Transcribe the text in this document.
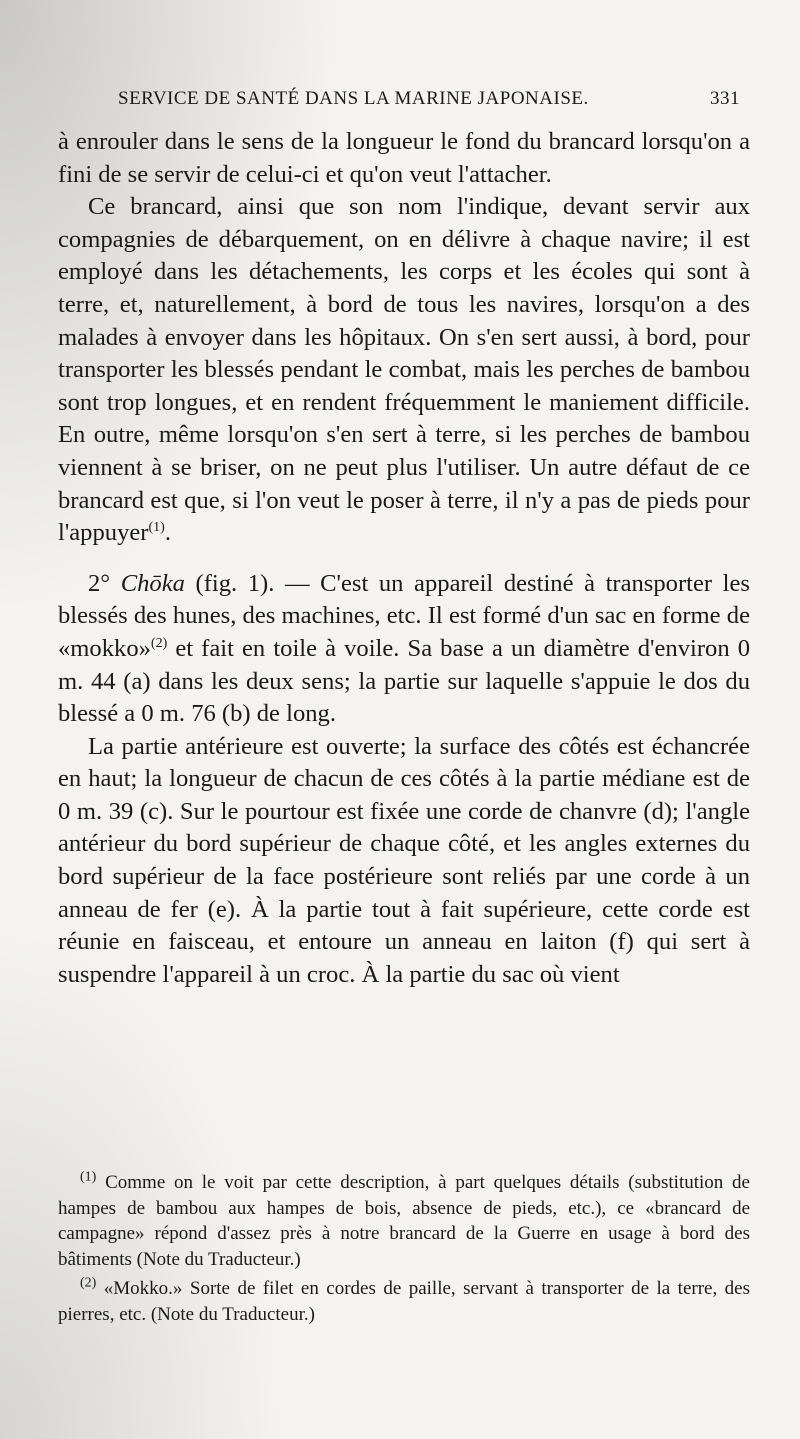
SERVICE DE SANTÉ DANS LA MARINE JAPONAISE.	331

à enrouler dans le sens de la longueur le fond du brancard lorsqu'on a fini de se servir de celui-ci et qu'on veut l'attacher.

Ce brancard, ainsi que son nom l'indique, devant servir aux compagnies de débarquement, on en délivre à chaque navire; il est employé dans les détachements, les corps et les écoles qui sont à terre, et, naturellement, à bord de tous les navires, lorsqu'on a des malades à envoyer dans les hôpitaux. On s'en sert aussi, à bord, pour transporter les blessés pendant le combat, mais les perches de bambou sont trop longues, et en rendent fréquemment le maniement difficile. En outre, même lorsqu'on s'en sert à terre, si les perches de bambou viennent à se briser, on ne peut plus l'utiliser. Un autre défaut de ce brancard est que, si l'on veut le poser à terre, il n'y a pas de pieds pour l'appuyer$^{(1)}$.

2° Chōka (fig. 1). — C'est un appareil destiné à transporter les blessés des hunes, des machines, etc. Il est formé d'un sac en forme de «mokko»$^{(2)}$ et fait en toile à voile. Sa base a un diamètre d'environ 0 m. 44 (a) dans les deux sens; la partie sur laquelle s'appuie le dos du blessé a 0 m. 76 (b) de long.

La partie antérieure est ouverte; la surface des côtés est échancrée en haut; la longueur de chacun de ces côtés à la partie médiane est de 0 m. 39 (c). Sur le pourtour est fixée une corde de chanvre (d); l'angle antérieur du bord supérieur de chaque côté, et les angles externes du bord supérieur de la face postérieure sont reliés par une corde à un anneau de fer (e). À la partie tout à fait supérieure, cette corde est réunie en faisceau, et entoure un anneau en laiton (f) qui sert à suspendre l'appareil à un croc. À la partie du sac où vient

$^{(1)}$ Comme on le voit par cette description, à part quelques détails (substitution de hampes de bambou aux hampes de bois, absence de pieds, etc.), ce «brancard de campagne» répond d'assez près à notre brancard de la Guerre en usage à bord des bâtiments (Note du Traducteur.)

$^{(2)}$ «Mokko.» Sorte de filet en cordes de paille, servant à transporter de la terre, des pierres, etc. (Note du Traducteur.)
